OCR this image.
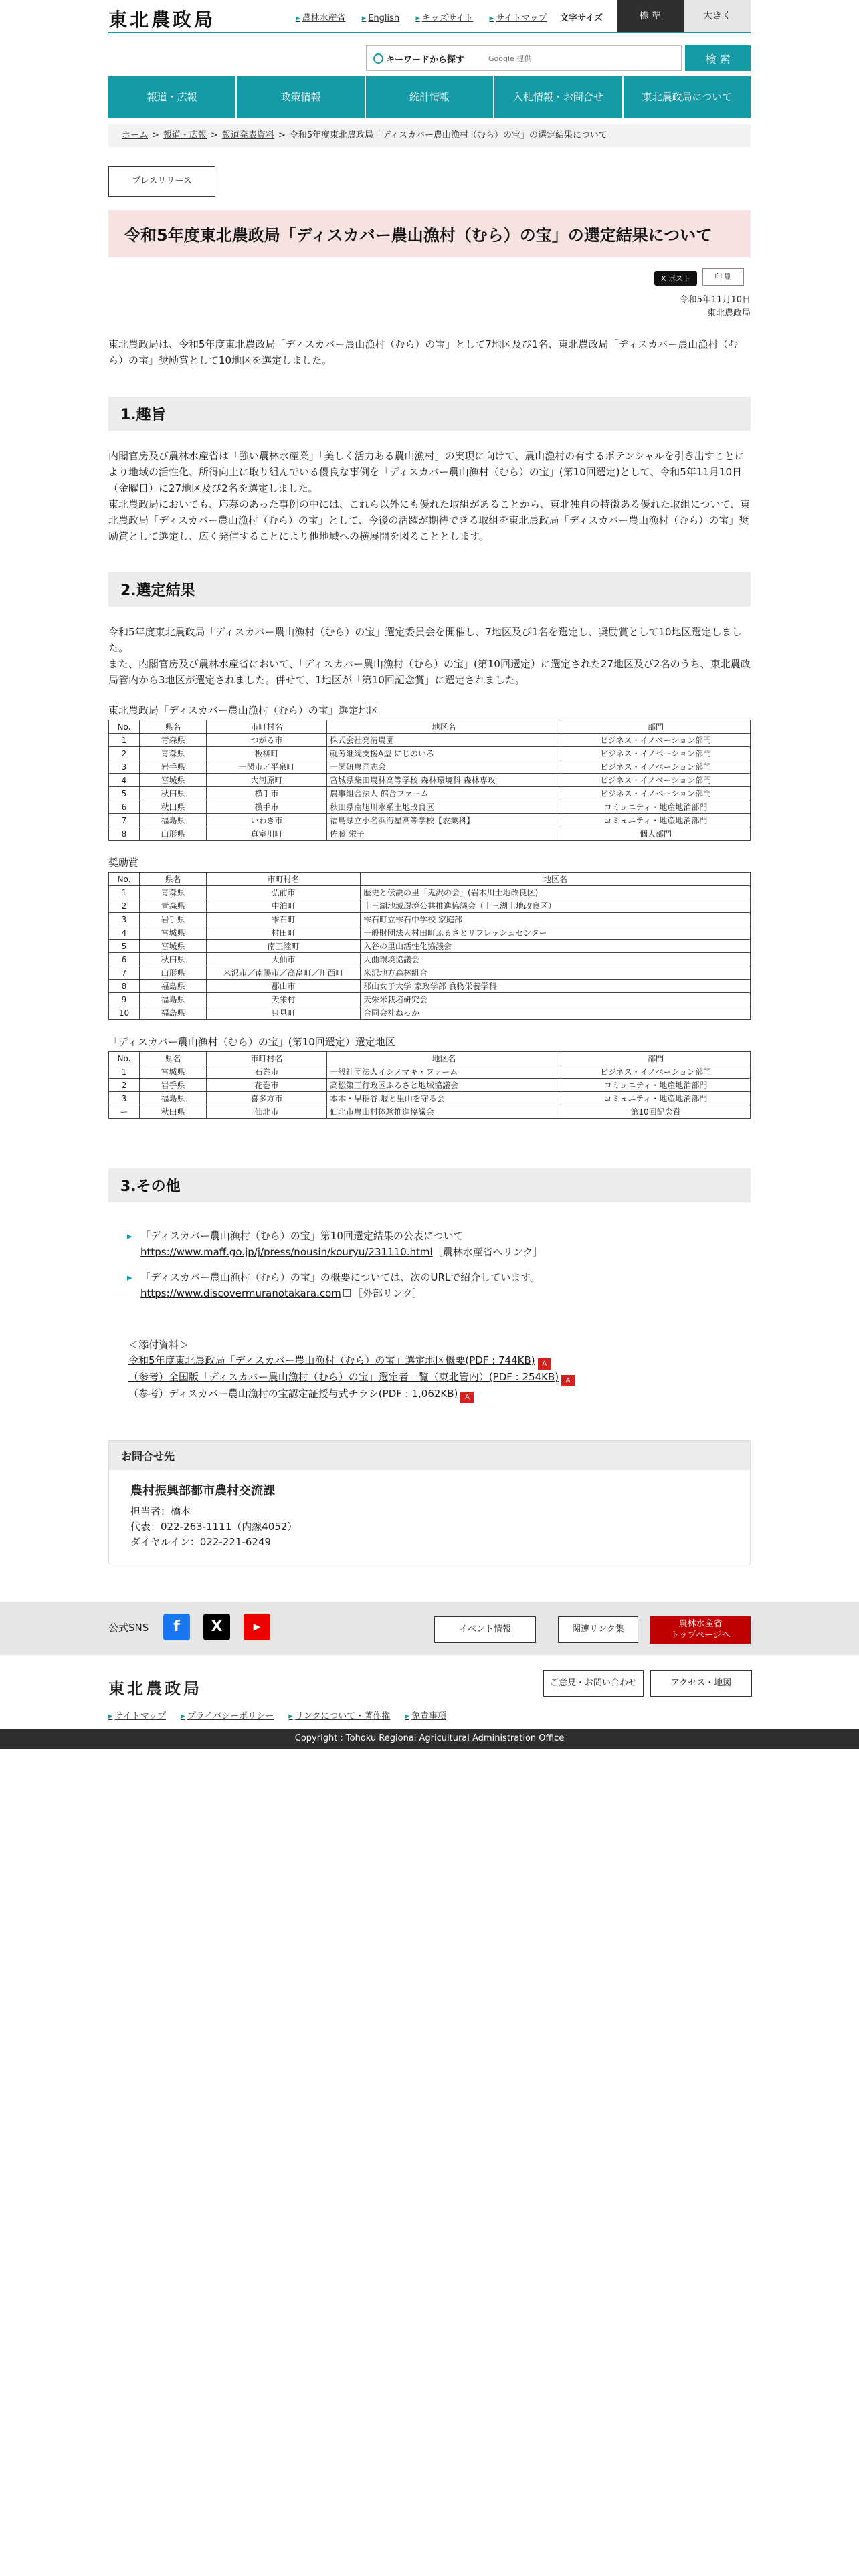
東北農政局	▸ 農林水産省	▸ English	▸ キッズサイト	▸ サイトマップ	文字サイズ	標 準	大きく
キーワードから探す
Google 提供	検 索
報道・広報	政策情報	統計情報	入札情報・お問合せ	東北農政局について
ホーム > 報道・広報 > 報道発表資料 > 令和5年度東北農政局「ディスカバー農山漁村（むら）の宝」の選定結果について
プレスリリース
令和5年度東北農政局「ディスカバー農山漁村（むら）の宝」の選定結果について
X ポスト	印 刷
令和5年11月10日
東北農政局
東北農政局は、令和5年度東北農政局「ディスカバー農山漁村（むら）の宝」として7地区及び1名、東北農政局「ディスカバー農山漁村（むら）の宝」奨励賞として10地区を選定しました。
1.趣旨
内閣官房及び農林水産省は「強い農林水産業」「美しく活力ある農山漁村」の実現に向けて、農山漁村の有するポテンシャルを引き出すことにより地域の活性化、所得向上に取り組んでいる優良な事例を「ディスカバー農山漁村（むら）の宝」(第10回選定)として、令和5年11月10日（金曜日）に27地区及び2名を選定しました。
東北農政局においても、応募のあった事例の中には、これら以外にも優れた取組があることから、東北独自の特徴ある優れた取組について、東北農政局「ディスカバー農山漁村（むら）の宝」として、今後の活躍が期待できる取組を東北農政局「ディスカバー農山漁村（むら）の宝」奨励賞として選定し、広く発信することにより他地域への横展開を図ることとします。
2.選定結果
令和5年度東北農政局「ディスカバー農山漁村（むら）の宝」選定委員会を開催し、7地区及び1名を選定し、奨励賞として10地区選定しました。
また、内閣官房及び農林水産省において、「ディスカバー農山漁村（むら）の宝」(第10回選定）に選定された27地区及び2名のうち、東北農政局管内から3地区が選定されました。併せて、1地区が「第10回記念賞」に選定されました。
東北農政局「ディスカバー農山漁村（むら）の宝」選定地区
No.	県名	市町村名	地区名	部門
1	青森県	つがる市	株式会社亮清農園	ビジネス・イノベーション部門
2	青森県	板柳町	就労継続支援A型 にじのいろ	ビジネス・イノベーション部門
3	岩手県	一関市／平泉町	一関研農同志会	ビジネス・イノベーション部門
4	宮城県	大河原町	宮城県柴田農林高等学校 森林環境科 森林専攻	ビジネス・イノベーション部門
5	秋田県	横手市	農事組合法人 館合ファーム	ビジネス・イノベーション部門
6	秋田県	横手市	秋田県南旭川水系土地改良区	コミュニティ・地産地消部門
7	福島県	いわき市	福島県立小名浜海星高等学校【农業科】	コミュニティ・地産地消部門
8	山形県	真室川町	佐藤 栄子	個人部門
奨励賞
No.	県名	市町村名	地区名
1	青森県	弘前市	歴史と伝説の里「鬼沢の会」(岩木川土地改良区)
2	青森県	中泊町	十三湖地域環境公共推進協議会（十三湖土地改良区）
3	岩手県	雫石町	雫石町立雫石中学校 家庭部
4	宮城県	村田町	一般財団法人村田町ふるさとリフレッシュセンター
5	宮城県	南三陸町	入谷の里山活性化協議会
6	秋田県	大仙市	大曲環境協議会
7	山形県	米沢市／南陽市／高畠町／川西町	米沢地方森林組合
8	福島県	郡山市	郡山女子大学 家政学部 食物栄養学科
9	福島県	天栄村	天栄米栽培研究会
10	福島県	只見町	合同会社ねっか
「ディスカバー農山漁村（むら）の宝」(第10回選定）選定地区
No.	県名	市町村名	地区名	部門
1	宮城県	石巻市	一般社団法人イシノマキ・ファーム	ビジネス・イノベーション部門
2	岩手県	花巻市	高松第三行政区ふるさと地域協議会	コミュニティ・地産地消部門
3	福島県	喜多方市	本木・早稲谷 堰と里山を守る会	コミュニティ・地産地消部門
ー	秋田県	仙北市	仙北市農山村体験推進協議会	第10回記念賞
3.その他
▸ 「ディスカバー農山漁村（むら）の宝」第10回選定結果の公表について
https://www.maff.go.jp/j/press/nousin/kouryu/231110.html［農林水産省へリンク］
▸ 「ディスカバー農山漁村（むら）の宝」の概要については、次のURLで紹介しています。
https://www.discovermuranotakara.com ［外部リンク］
＜添付資料＞
令和5年度東北農政局「ディスカバー農山漁村（むら）の宝」選定地区概要(PDF : 744KB) A
（参考）全国版「ディスカバー農山漁村（むら）の宝」選定者一覧（東北管内）(PDF : 254KB) A
（参考）ディスカバー農山漁村の宝認定証授与式チラシ(PDF : 1,062KB) A
お問合せ先
農村振興部都市農村交流課
担当者：橋本
代表：022-263-1111（内線4052）
ダイヤルイン：022-221-6249
公式SNS	f	X	▶	イベント情報	関連リンク集
農林水産省
トップページへ
東北農政局	ご意見・お問い合わせ	アクセス・地図
▸ サイトマップ ▸ プライバシーポリシー ▸ リンクについて・著作権 ▸ 免責事項
Copyright : Tohoku Regional Agricultural Administration Office
